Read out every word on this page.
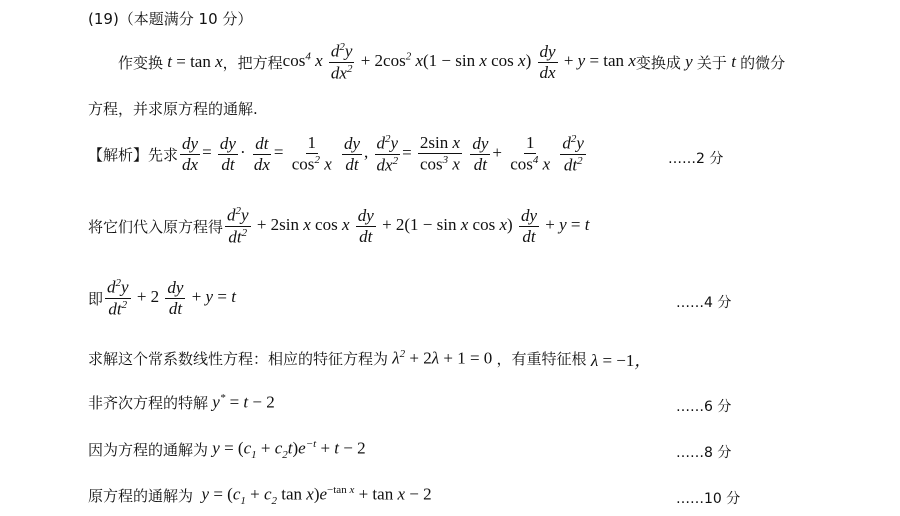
(19)（本题满分 10 分）
作变换 t = tan x ，把方程 $\cos^4 x \frac{d^2y}{dx^2} + 2\cos^2$ x(1 − sin x $\cos x) \frac{dy}{dx} + y = \tan x$ 变换成 y 关于 t 的微分
方程，并求原方程的通解.
【解析】先求 $\frac{dy}{dx} = \frac{dy}{dt} \cdot \frac{dt}{dx} = \frac{1}{\cos^2 x}$
$\frac{dy}{dt}$ , $\frac{d^2y}{dx^2} = \frac{\text{2sin x}}{\cos^3 x}$
$\frac{dy}{dt} + \frac{1}{\cos^4 x}$
$\frac{d^2y}{dt^2}$	……2 分
将它们代入原方程得 $\frac{d^2y}{dt^2} + 2\sin$ x cos x $\frac{dy}{dt} + 2(1 - \sin x$ $\cos x) \frac{dy}{dt} + y = t$
即 $\frac{d^2y}{dt^2} + 2 \frac{dy}{dt} + y = t$	……4 分
求解这个常系数线性方程：相应的特征方程为 $\lambda^2 + 2\lambda + 1 = 0$ ，有重特征根 λ = −1，
非齐次方程的特解 y* = t − 2	……6 分
因为方程的通解为 $y = (c_1 + c_2t)e^{-t} + t - 2$	……8 分
原方程的通解为 $y = (c_1 + c_2$ $\tan x)e^{-tan x} + \tan x - 2$	……10 分
